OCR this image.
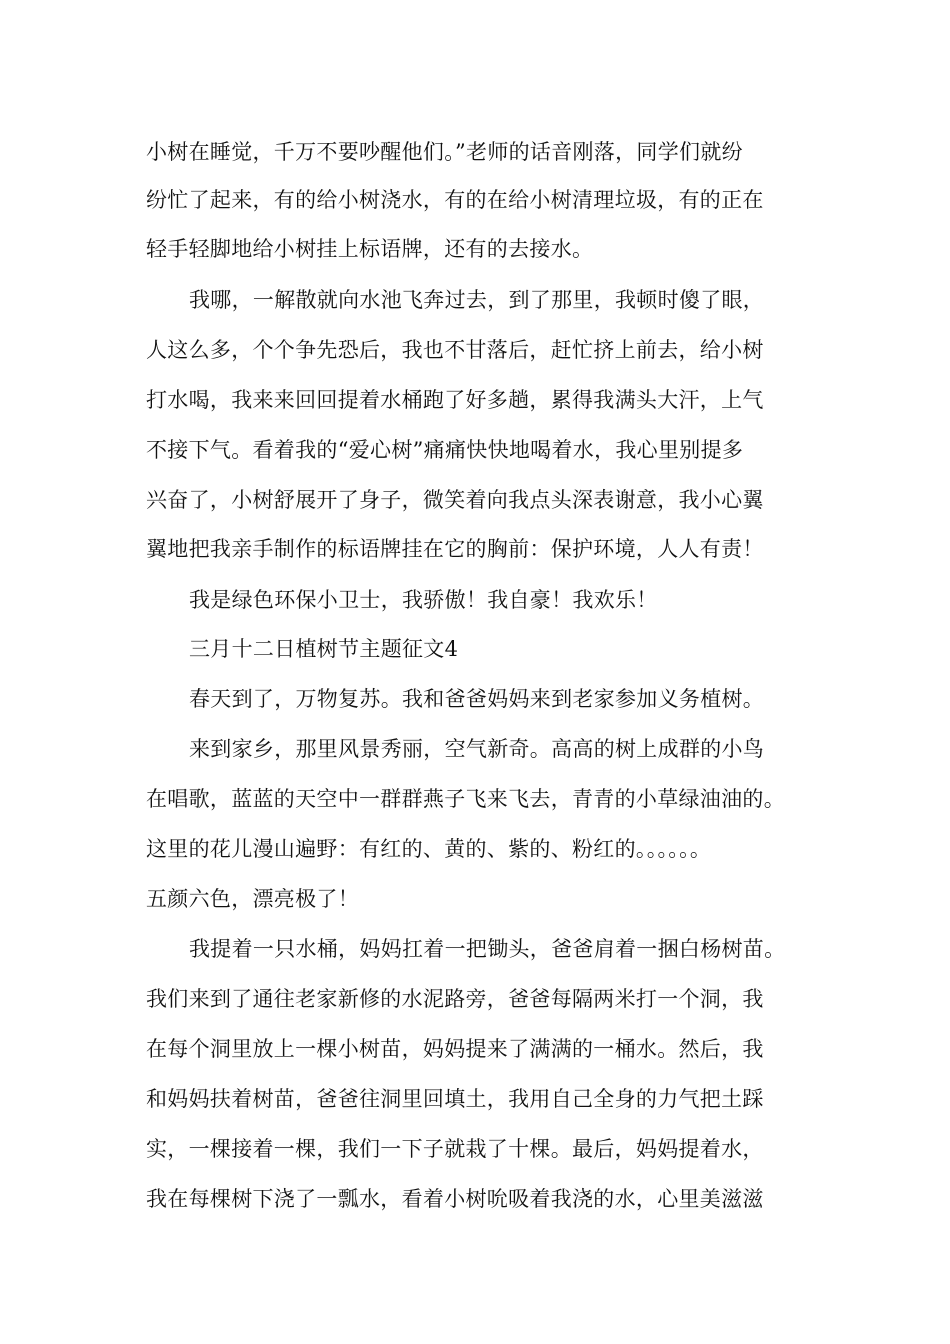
小树在睡觉，千万不要吵醒他们。”老师的话音刚落，同学们就纷
纷忙了起来，有的给小树浇水，有的在给小树清理垃圾，有的正在
轻手轻脚地给小树挂上标语牌，还有的去接水。
我哪，一解散就向水池飞奔过去，到了那里，我顿时傻了眼，
人这么多，个个争先恐后，我也不甘落后，赶忙挤上前去，给小树
打水喝，我来来回回提着水桶跑了好多趟，累得我满头大汗，上气
不接下气。看着我的“爱心树”痛痛快快地喝着水，我心里别提多
兴奋了，小树舒展开了身子，微笑着向我点头深表谢意，我小心翼
翼地把我亲手制作的标语牌挂在它的胸前：保护环境，人人有责！
我是绿色环保小卫士，我骄傲！我自豪！我欢乐！
三月十二日植树节主题征文4
春天到了，万物复苏。我和爸爸妈妈来到老家参加义务植树。
来到家乡，那里风景秀丽，空气新奇。高高的树上成群的小鸟
在唱歌，蓝蓝的天空中一群群燕子飞来飞去，青青的小草绿油油的。
这里的花儿漫山遍野：有红的、黄的、紫的、粉红的。。。。。。
五颜六色，漂亮极了！
我提着一只水桶，妈妈扛着一把锄头，爸爸肩着一捆白杨树苗。
我们来到了通往老家新修的水泥路旁，爸爸每隔两米打一个洞，我
在每个洞里放上一棵小树苗，妈妈提来了满满的一桶水。然后，我
和妈妈扶着树苗，爸爸往洞里回填土，我用自己全身的力气把土踩
实，一棵接着一棵，我们一下子就栽了十棵。最后，妈妈提着水，
我在每棵树下浇了一瓢水，看着小树吮吸着我浇的水，心里美滋滋
